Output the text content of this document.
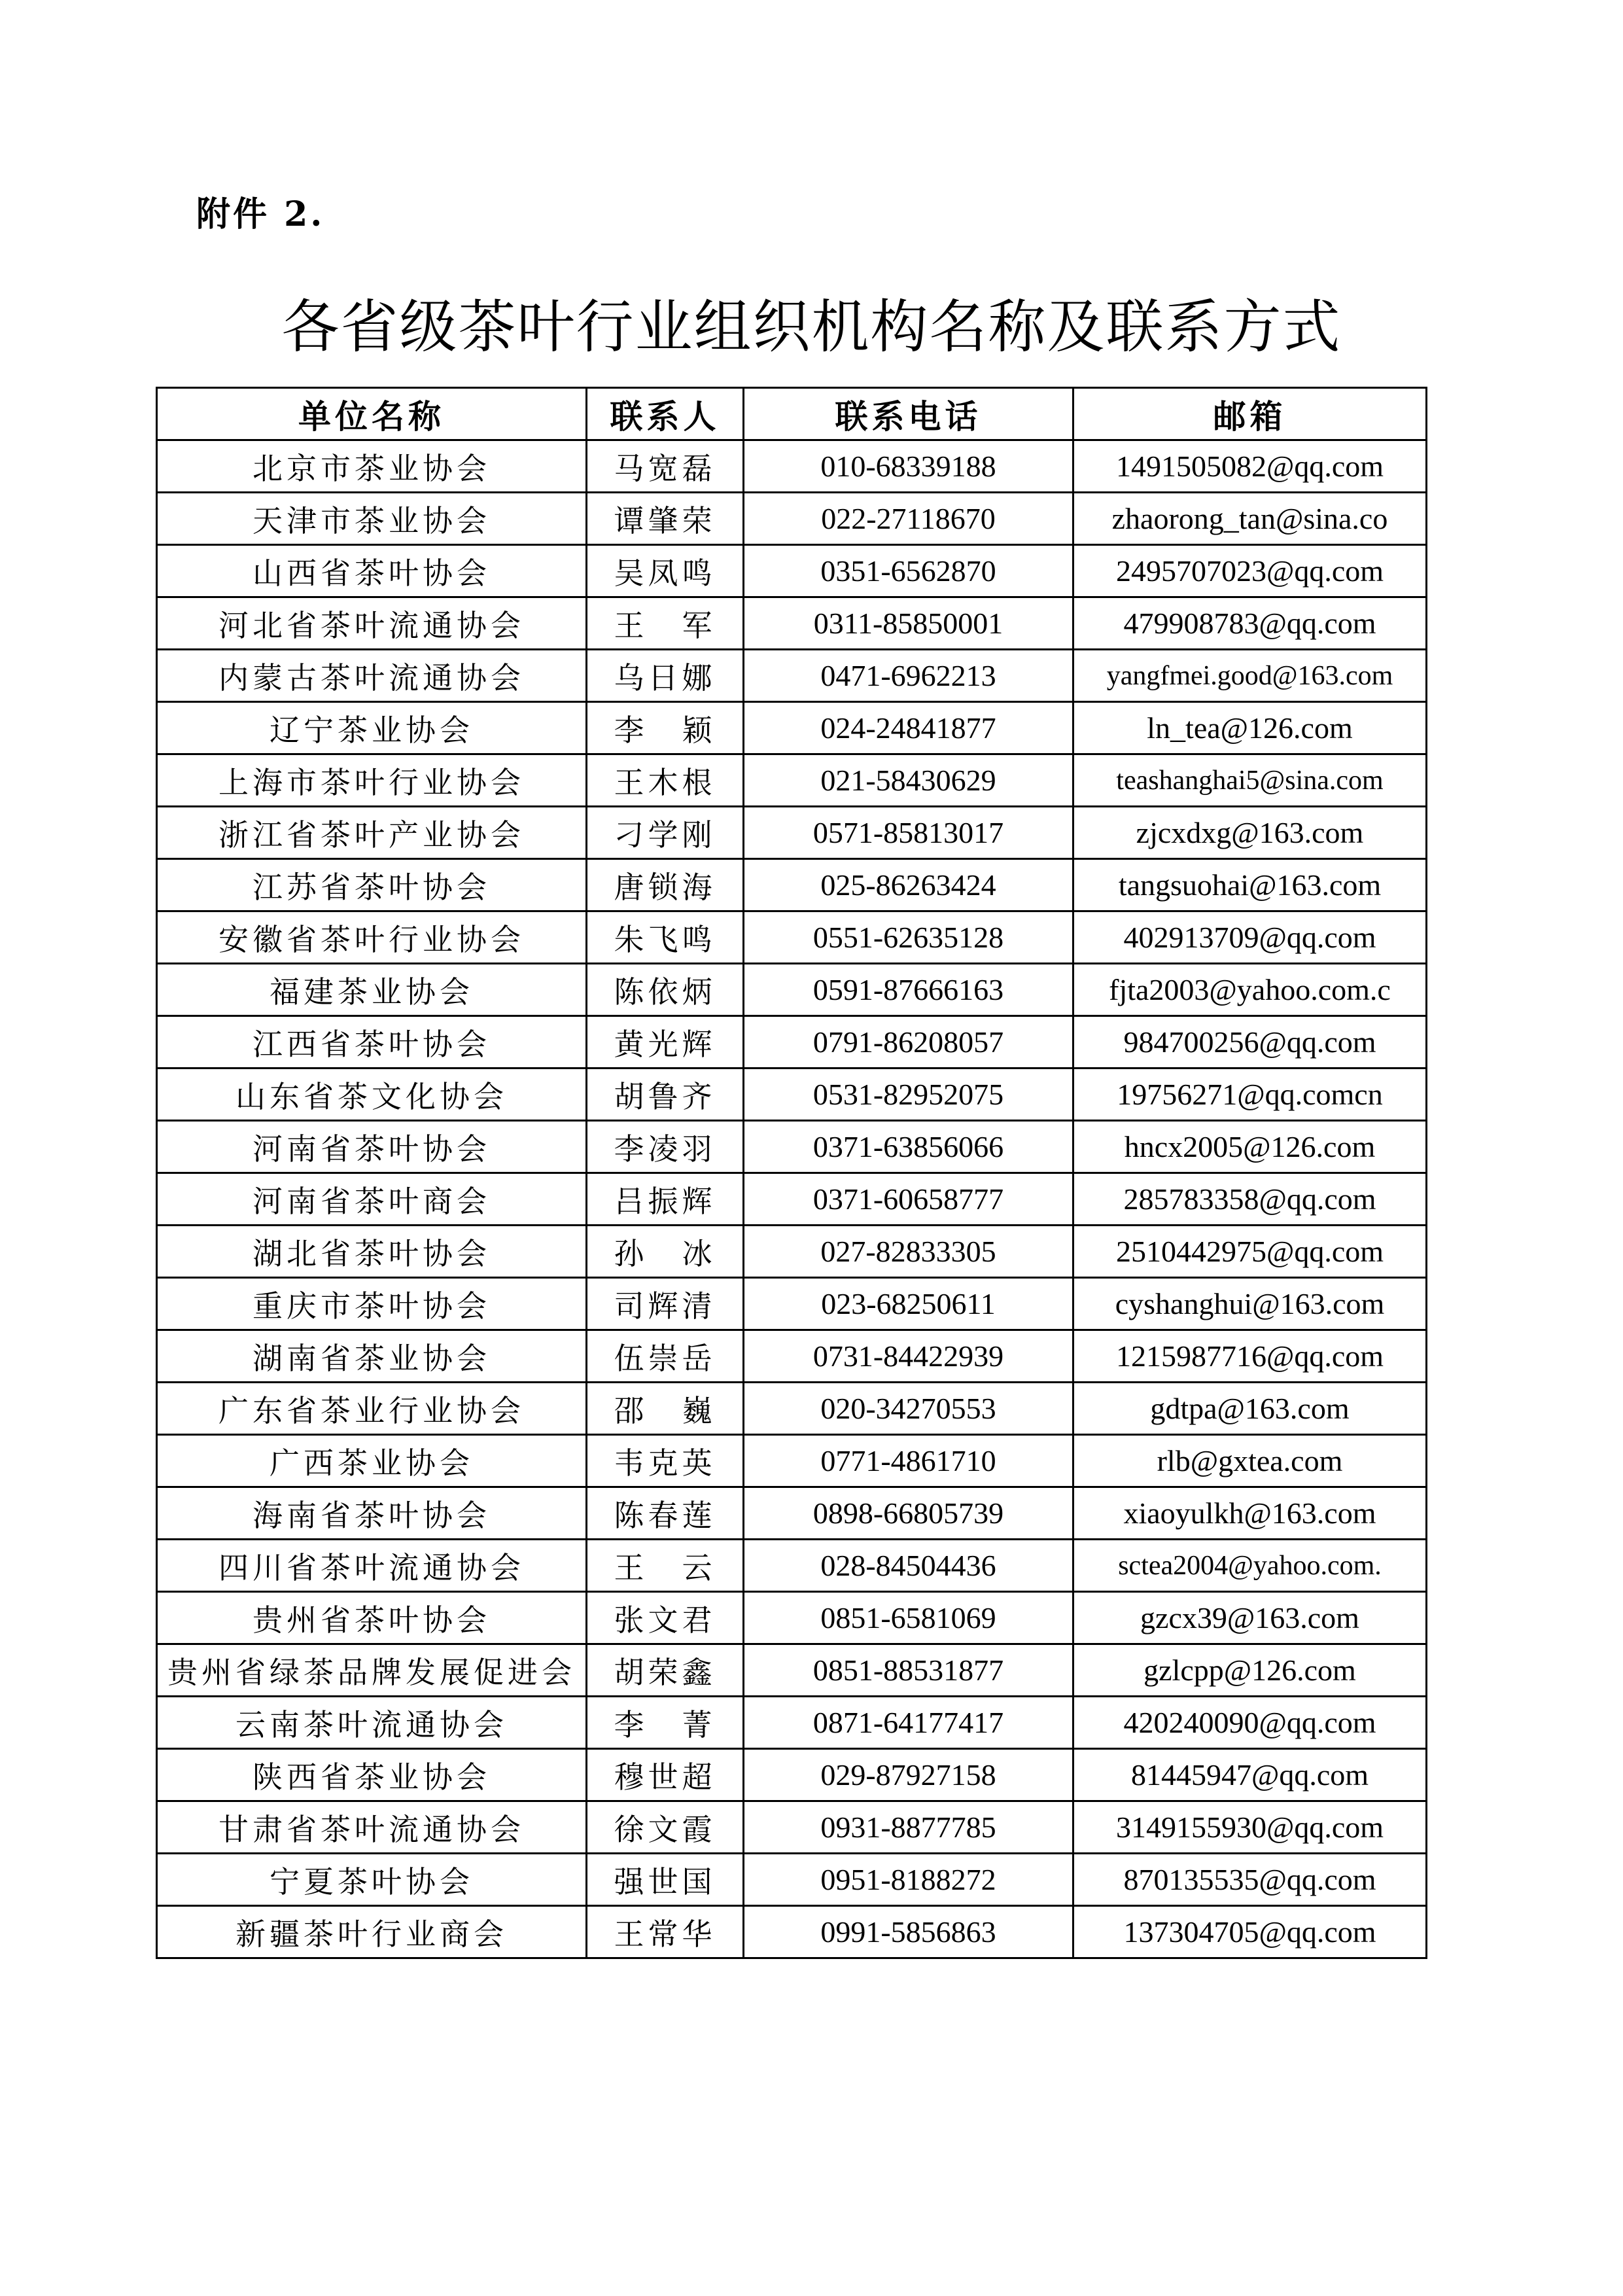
附件 2.
各省级茶叶行业组织机构名称及联系方式
单位名称	联系人	联系电话	邮箱
北京市茶业协会	马宽磊	010-68339188	1491505082@qq.com
天津市茶业协会	谭肇荣	022-27118670	zhaorong_tan@sina.co
山西省茶叶协会	吴凤鸣	0351-6562870	2495707023@qq.com
河北省茶叶流通协会	王　军	0311-85850001	479908783@qq.com
内蒙古茶叶流通协会	乌日娜	0471-6962213	yangfmei.good@163.com
辽宁茶业协会	李　颖	024-24841877	ln_tea@126.com
上海市茶叶行业协会	王木根	021-58430629	teashanghai5@sina.com
浙江省茶叶产业协会	刁学刚	0571-85813017	zjcxdxg@163.com
江苏省茶叶协会	唐锁海	025-86263424	tangsuohai@163.com
安徽省茶叶行业协会	朱飞鸣	0551-62635128	402913709@qq.com
福建茶业协会	陈依炳	0591-87666163	fjta2003@yahoo.com.c
江西省茶叶协会	黄光辉	0791-86208057	984700256@qq.com
山东省茶文化协会	胡鲁齐	0531-82952075	19756271@qq.comcn
河南省茶叶协会	李凌羽	0371-63856066	hncx2005@126.com
河南省茶叶商会	吕振辉	0371-60658777	285783358@qq.com
湖北省茶叶协会	孙　冰	027-82833305	2510442975@qq.com
重庆市茶叶协会	司辉清	023-68250611	cyshanghui@163.com
湖南省茶业协会	伍崇岳	0731-84422939	1215987716@qq.com
广东省茶业行业协会	邵　巍	020-34270553	gdtpa@163.com
广西茶业协会	韦克英	0771-4861710	rlb@gxtea.com
海南省茶叶协会	陈春莲	0898-66805739	xiaoyulkh@163.com
四川省茶叶流通协会	王　云	028-84504436	sctea2004@yahoo.com.
贵州省茶叶协会	张文君	0851-6581069	gzcx39@163.com
贵州省绿茶品牌发展促进会	胡荣鑫	0851-88531877	gzlcpp@126.com
云南茶叶流通协会	李　菁	0871-64177417	420240090@qq.com
陕西省茶业协会	穆世超	029-87927158	81445947@qq.com
甘肃省茶叶流通协会	徐文霞	0931-8877785	3149155930@qq.com
宁夏茶叶协会	强世国	0951-8188272	870135535@qq.com
新疆茶叶行业商会	王常华	0991-5856863	137304705@qq.com
